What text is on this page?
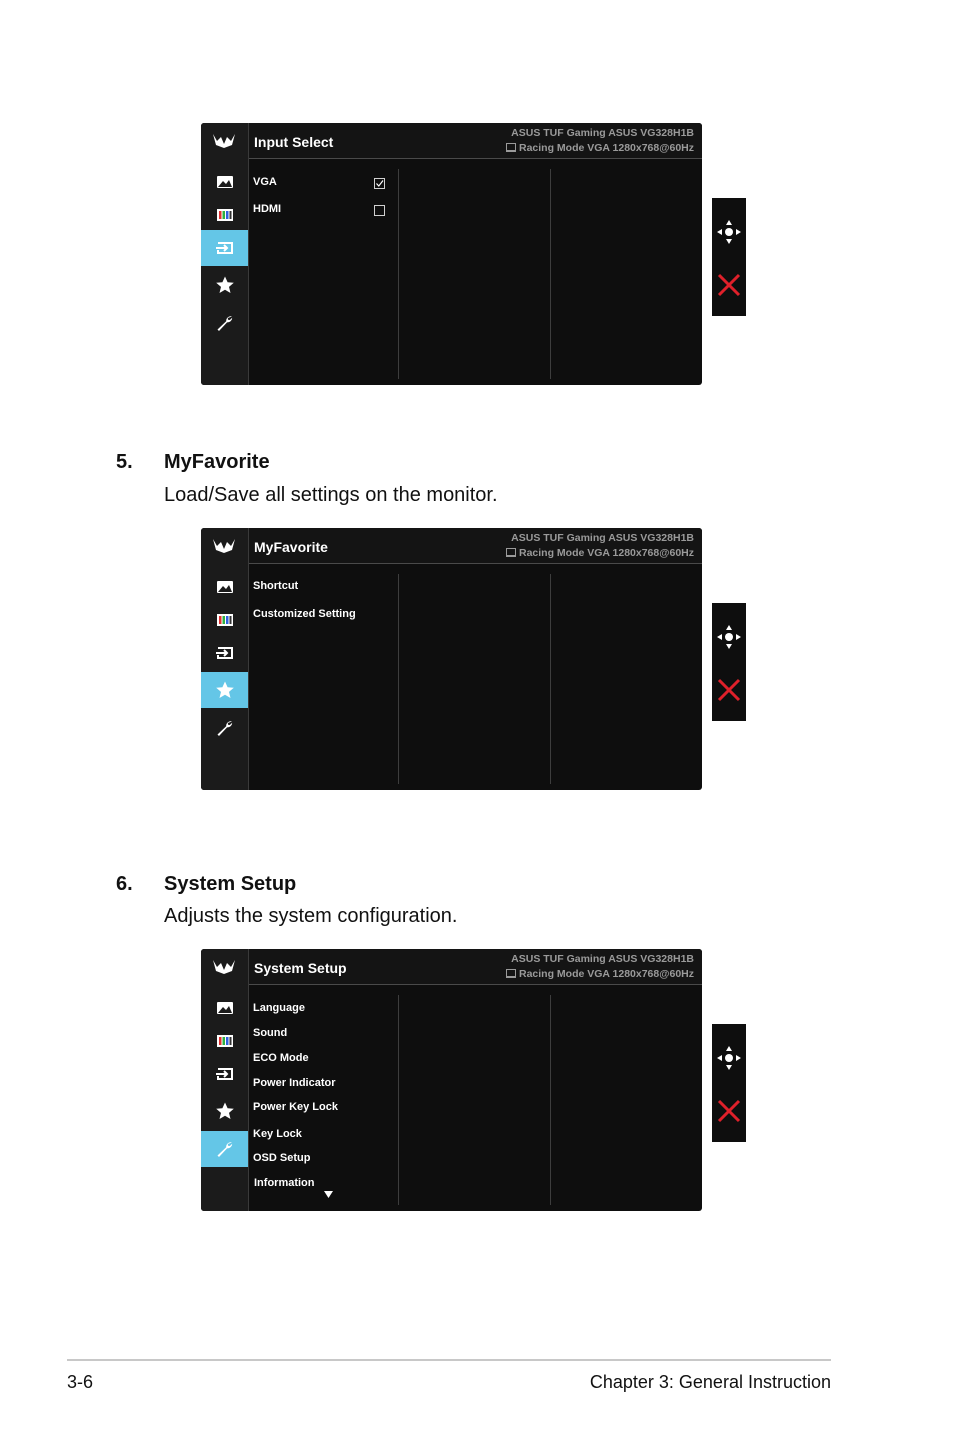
Input Select
ASUS TUF Gaming ASUS VG328H1B
Racing Mode VGA 1280x768@60Hz
VGA
HDMI
5. MyFavorite
Load/Save all settings on the monitor.
MyFavorite
ASUS TUF Gaming ASUS VG328H1B
Racing Mode VGA 1280x768@60Hz
Shortcut
Customized Setting
6. System Setup
Adjusts the system configuration.
System Setup
ASUS TUF Gaming ASUS VG328H1B
Racing Mode VGA 1280x768@60Hz
Language
Sound
ECO Mode
Power Indicator
Power Key Lock
Key Lock
OSD Setup
Information
3-6	Chapter 3: General Instruction
